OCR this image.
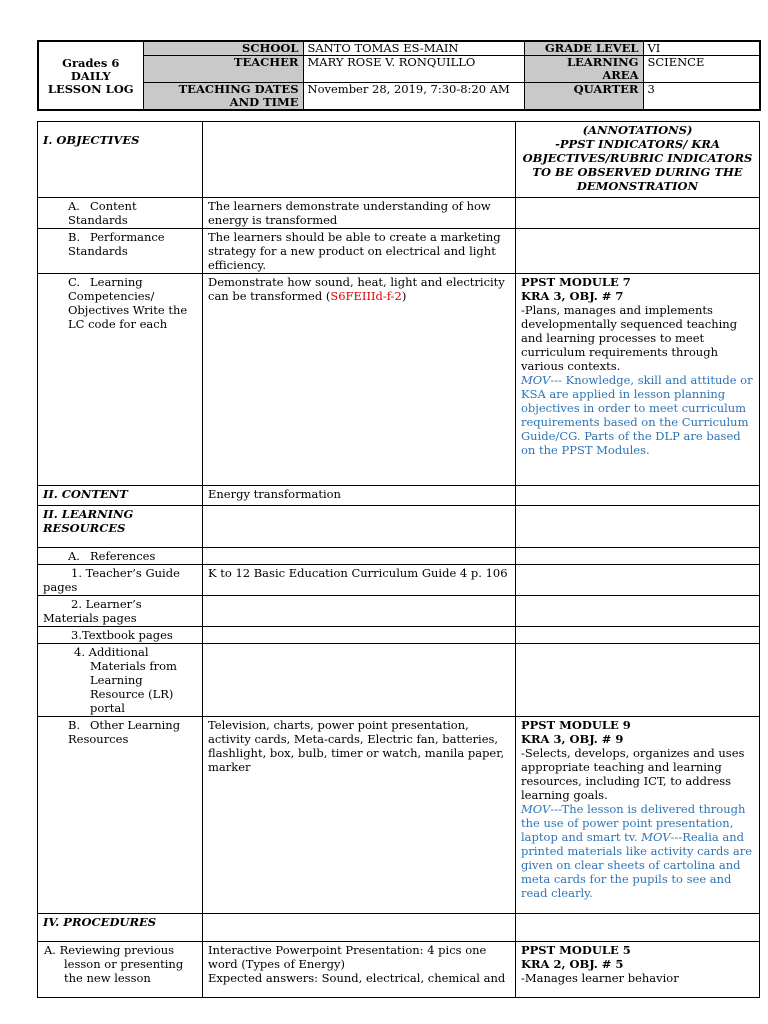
Grades 6
DAILY LESSON LOG	SCHOOL	SANTO TOMAS ES-MAIN	GRADE LEVEL	VI
	TEACHER	MARY ROSE V. RONQUILLO	LEARNING AREA	SCIENCE
	TEACHING DATES AND TIME	November 28, 2019, 7:30-8:20 AM	QUARTER	3
I. OBJECTIVES		(ANNOTATIONS)
-PPST INDICATORS/ KRA OBJECTIVES/RUBRIC INDICATORS TO BE OBSERVED DURING THE DEMONSTRATION

A. Content Standards	The learners demonstrate understanding of how energy is transformed	
B. Performance Standards	The learners should be able to create a marketing strategy for a new product on electrical and light efficiency.	
C. Learning Competencies/ Objectives Write the LC code for each	Demonstrate how sound, heat, light and electricity can be transformed (S6FEIIId-f-2)	PPST MODULE 7
KRA 3, OBJ. # 7
-Plans, manages and implements developmentally sequenced teaching and learning processes to meet curriculum requirements through various contexts.
MOV--- Knowledge, skill and attitude or KSA are applied in lesson planning objectives in order to meet curriculum requirements based on the Curriculum Guide/CG. Parts of the DLP are based on the PPST Modules.

II. CONTENT	Energy transformation	
II. LEARNING RESOURCES		
A. References		
1. Teacher’s Guide pages	K to 12 Basic Education Curriculum Guide 4 p. 106	
2. Learner’s Materials pages		
3.Textbook pages		
4. Additional Materials from Learning Resource (LR) portal		
B. Other Learning Resources	Television, charts, power point presentation, activity cards, Meta-cards, Electric fan, batteries, flashlight, box, bulb, timer or watch, manila paper, marker	PPST MODULE 9
KRA 3, OBJ. # 9
-Selects, develops, organizes and uses appropriate teaching and learning resources, including ICT, to address learning goals.
MOV---The lesson is delivered through the use of power point presentation, laptop and smart tv. MOV---Realia and printed materials like activity cards are given on clear sheets of cartolina and meta cards for the pupils to see and read clearly.

IV. PROCEDURES		
A. Reviewing previous lesson or presenting the new lesson	Interactive Powerpoint Presentation: 4 pics one word (Types of Energy)
Expected answers: Sound, electrical, chemical and	PPST MODULE 5
KRA 2, OBJ. # 5
-Manages learner behavior
